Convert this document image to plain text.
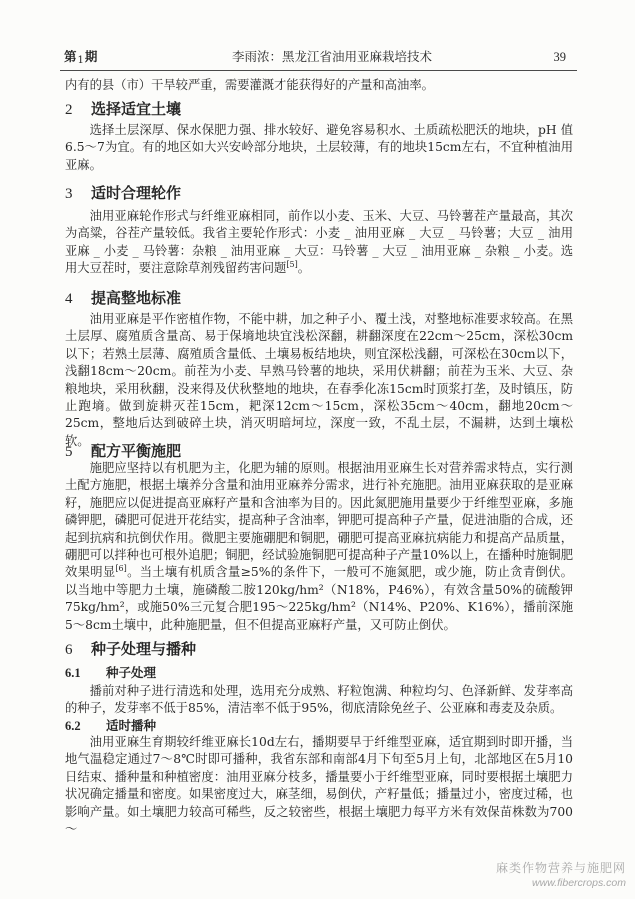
第1期	李雨浓：黑龙江省油用亚麻栽培技术	39

内有的县（市）干旱较严重，需要灌溉才能获得好的产量和高油率。

2 选择适宜土壤

选择土层深厚、保水保肥力强、排水较好、避免容易积水、土质疏松肥沃的地块，pH 值6.5～7为宜。有的地区如大兴安岭部分地块，土层较薄，有的地块15cm左右，不宜种植油用亚麻。

3 适时合理轮作

油用亚麻轮作形式与纤维亚麻相同，前作以小麦、玉米、大豆、马铃薯茬产量最高，其次为高粱，谷茬产量较低。我省主要轮作形式：小麦 _ 油用亚麻 _ 大豆 _ 马铃薯；大豆 _ 油用亚麻 _ 小麦 _ 马铃薯：杂粮 _ 油用亚麻 _ 大豆：马铃薯 _ 大豆 _ 油用亚麻 _ 杂粮 _ 小麦。选用大豆茬时，要注意除草剂残留药害问题[5]。

4 提高整地标准

油用亚麻是平作密植作物，不能中耕，加之种子小、覆土浅，对整地标准要求较高。在黑土层厚、腐殖质含量高、易于保墒地块宜浅松深翻，耕翻深度在22cm～25cm，深松30cm以下；若熟土层薄、腐殖质含量低、土壤易板结地块，则宜深松浅翻，可深松在30cm以下，浅翻18cm～20cm。前茬为小麦、早熟马铃薯的地块，采用伏耕翻；前茬为玉米、大豆、杂粮地块，采用秋翻，没来得及伏秋整地的地块，在春季化冻15cm时顶浆打垄，及时镇压，防止跑墒。做到旋耕灭茬15cm，耙深12cm～15cm，深松35cm～40cm，翻地20cm～25cm，整地后达到破碎土块，消灭明暗坷垃，深度一致，不乱土层，不漏耕，达到土壤松软。

5 配方平衡施肥

施肥应坚持以有机肥为主，化肥为辅的原则。根据油用亚麻生长对营养需求特点，实行测土配方施肥，根据土壤养分含量和油用亚麻养分需求，进行补充施肥。油用亚麻获取的是亚麻籽，施肥应以促进提高亚麻籽产量和含油率为目的。因此氮肥施用量要少于纤维型亚麻，多施磷钾肥，磷肥可促进开花结实，提高种子含油率，钾肥可提高种子产量，促进油脂的合成，还起到抗病和抗倒伏作用。微肥主要施硼肥和铜肥，硼肥可提高亚麻抗病能力和提高产品质量，硼肥可以拌种也可根外追肥；铜肥，经试验施铜肥可提高种子产量10%以上，在播种时施铜肥效果明显[6]。当土壤有机质含量≥5%的条件下，一般可不施氮肥，或少施，防止贪青倒伏。以当地中等肥力土壤，施磷酸二胺120kg/hm²（N18%，P46%），有效含量50%的硫酸钾75kg/hm²，或施50%三元复合肥195～225kg/hm²（N14%、P20%、K16%），播前深施5～8cm土壤中，此种施肥量，但不但提高亚麻籽产量，又可防止倒伏。

6 种子处理与播种
6.1 种子处理

播前对种子进行清选和处理，选用充分成熟、籽粒饱满、种粒均匀、色泽新鲜、发芽率高的种子，发芽率不低于85%，清洁率不低于95%，彻底清除免丝子、公亚麻和毒麦及杂质。

6.2 适时播种

油用亚麻生育期较纤维亚麻长10d左右，播期要早于纤维型亚麻，适宜期到时即开播，当地气温稳定通过7～8℃时即可播种，我省东部和南部4月下旬至5月上旬，北部地区在5月10日结束、播种量和种植密度：油用亚麻分枝多，播量要小于纤维型亚麻，同时要根据土壤肥力状况确定播量和密度。如果密度过大，麻茎细，易倒伏，产籽量低；播量过小，密度过稀，也影响产量。如土壤肥力较高可稀些，反之较密些，根据土壤肥力每平方米有效保苗株数为700～

麻类作物营养与施肥网
www.fibercrops.com
